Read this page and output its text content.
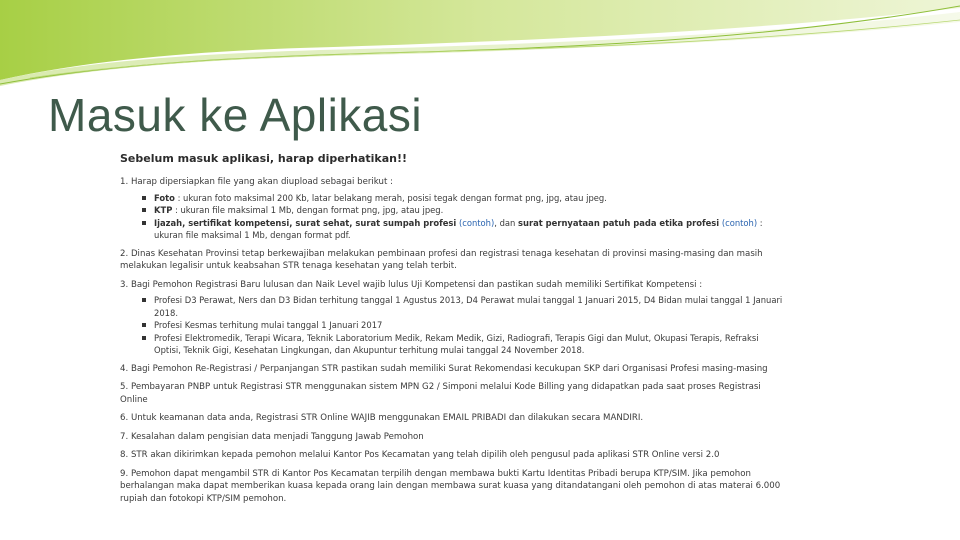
Masuk ke Aplikasi
Sebelum masuk aplikasi, harap diperhatikan!!
1. Harap dipersiapkan file yang akan diupload sebagai berikut :
Foto : ukuran foto maksimal 200 Kb, latar belakang merah, posisi tegak dengan format png, jpg, atau jpeg.
KTP : ukuran file maksimal 1 Mb, dengan format png, jpg, atau jpeg.
Ijazah, sertifikat kompetensi, surat sehat, surat sumpah profesi (contoh), dan surat pernyataan patuh pada etika profesi (contoh) : ukuran file maksimal 1 Mb, dengan format pdf.
2. Dinas Kesehatan Provinsi tetap berkewajiban melakukan pembinaan profesi dan registrasi tenaga kesehatan di provinsi masing-masing dan masih melakukan legalisir untuk keabsahan STR tenaga kesehatan yang telah terbit.
3. Bagi Pemohon Registrasi Baru lulusan dan Naik Level wajib lulus Uji Kompetensi dan pastikan sudah memiliki Sertifikat Kompetensi :
Profesi D3 Perawat, Ners dan D3 Bidan terhitung tanggal 1 Agustus 2013, D4 Perawat mulai tanggal 1 Januari 2015, D4 Bidan mulai tanggal 1 Januari 2018.
Profesi Kesmas terhitung mulai tanggal 1 Januari 2017
Profesi Elektromedik, Terapi Wicara, Teknik Laboratorium Medik, Rekam Medik, Gizi, Radiografi, Terapis Gigi dan Mulut, Okupasi Terapis, Refraksi Optisi, Teknik Gigi, Kesehatan Lingkungan, dan Akupuntur terhitung mulai tanggal 24 November 2018.
4. Bagi Pemohon Re-Registrasi / Perpanjangan STR pastikan sudah memiliki Surat Rekomendasi kecukupan SKP dari Organisasi Profesi masing-masing
5. Pembayaran PNBP untuk Registrasi STR menggunakan sistem MPN G2 / Simponi melalui Kode Billing yang didapatkan pada saat proses Registrasi Online
6. Untuk keamanan data anda, Registrasi STR Online WAJIB menggunakan EMAIL PRIBADI dan dilakukan secara MANDIRI.
7. Kesalahan dalam pengisian data menjadi Tanggung Jawab Pemohon
8. STR akan dikirimkan kepada pemohon melalui Kantor Pos Kecamatan yang telah dipilih oleh pengusul pada aplikasi STR Online versi 2.0
9. Pemohon dapat mengambil STR di Kantor Pos Kecamatan terpilih dengan membawa bukti Kartu Identitas Pribadi berupa KTP/SIM. Jika pemohon berhalangan maka dapat memberikan kuasa kepada orang lain dengan membawa surat kuasa yang ditandatangani oleh pemohon di atas materai 6.000 rupiah dan fotokopi KTP/SIM pemohon.
